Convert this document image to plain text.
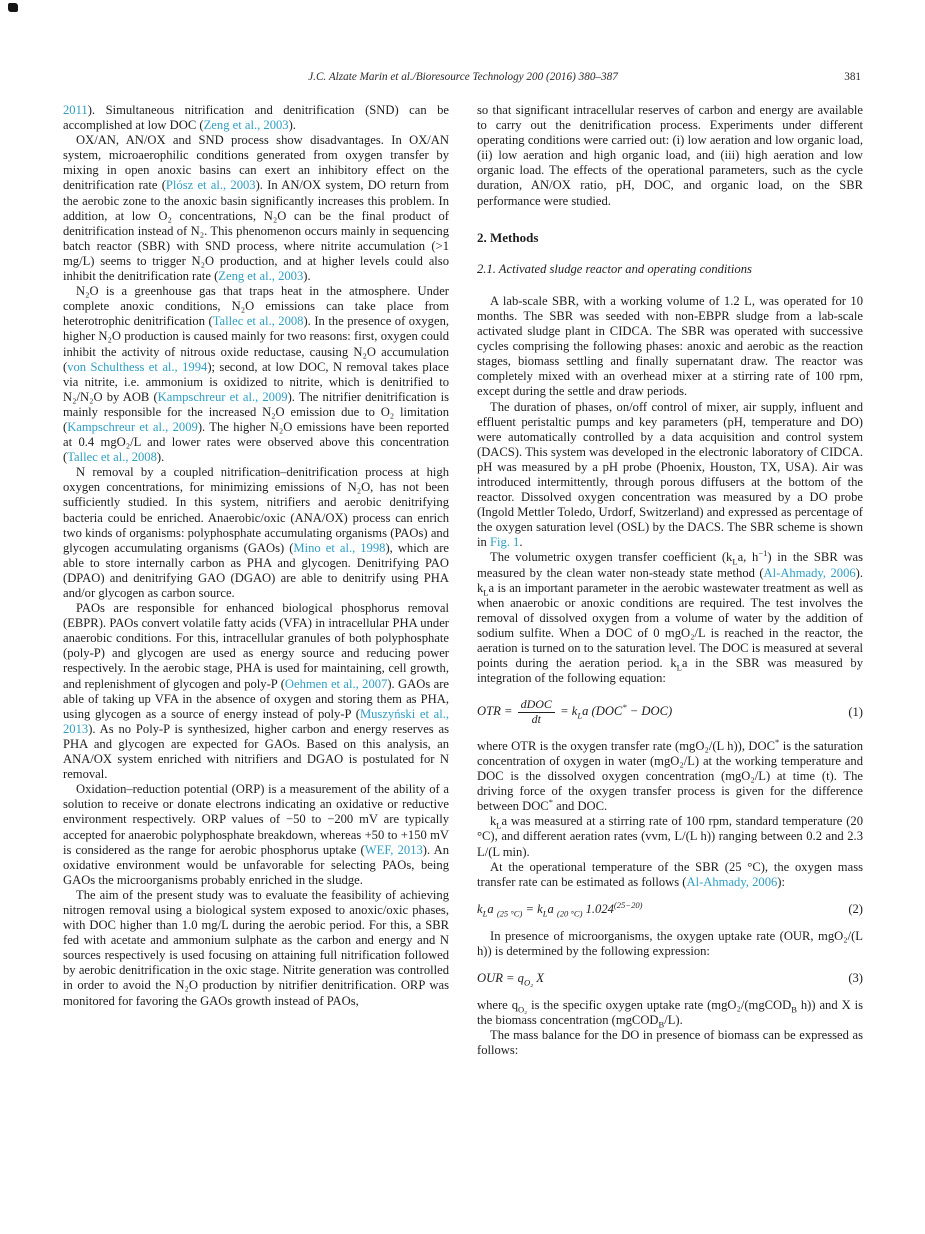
J.C. Alzate Marin et al./Bioresource Technology 200 (2016) 380–387	381

2011). Simultaneous nitrification and denitrification (SND) can be accomplished at low DOC (Zeng et al., 2003).

OX/AN, AN/OX and SND process show disadvantages. In OX/AN system, microaerophilic conditions generated from oxygen transfer by mixing in open anoxic basins can exert an inhibitory effect on the denitrification rate (Plósz et al., 2003). In AN/OX system, DO return from the aerobic zone to the anoxic basin significantly increases this problem. In addition, at low O₂ concentrations, N₂O can be the final product of denitrification instead of N₂. This phenomenon occurs mainly in sequencing batch reactor (SBR) with SND process, where nitrite accumulation (>1 mg/L) seems to trigger N₂O production, and at higher levels could also inhibit the denitrification rate (Zeng et al., 2003).

N₂O is a greenhouse gas that traps heat in the atmosphere. Under complete anoxic conditions, N₂O emissions can take place from heterotrophic denitrification (Tallec et al., 2008). In the presence of oxygen, higher N₂O production is caused mainly for two reasons: first, oxygen could inhibit the activity of nitrous oxide reductase, causing N₂O accumulation (von Schulthess et al., 1994); second, at low DOC, N removal takes place via nitrite, i.e. ammonium is oxidized to nitrite, which is denitrified to N₂/N₂O by AOB (Kampschreur et al., 2009). The nitrifier denitrification is mainly responsible for the increased N₂O emission due to O₂ limitation (Kampschreur et al., 2009). The higher N₂O emissions have been reported at 0.4 mgO₂/L and lower rates were observed above this concentration (Tallec et al., 2008).

N removal by a coupled nitrification–denitrification process at high oxygen concentrations, for minimizing emissions of N₂O, has not been sufficiently studied. In this system, nitrifiers and aerobic denitrifying bacteria could be enriched. Anaerobic/oxic (ANA/OX) process can enrich two kinds of organisms: polyphosphate accumulating organisms (PAOs) and glycogen accumulating organisms (GAOs) (Mino et al., 1998), which are able to store internally carbon as PHA and glycogen. Denitrifying PAO (DPAO) and denitrifying GAO (DGAO) are able to denitrify using PHA and/or glycogen as carbon source.

PAOs are responsible for enhanced biological phosphorus removal (EBPR). PAOs convert volatile fatty acids (VFA) in intracellular PHA under anaerobic conditions. For this, intracellular granules of both polyphosphate (poly-P) and glycogen are used as energy source and reducing power respectively. In the aerobic stage, PHA is used for maintaining, cell growth, and replenishment of glycogen and poly-P (Oehmen et al., 2007). GAOs are able of taking up VFA in the absence of oxygen and storing them as PHA, using glycogen as a source of energy instead of poly-P (Muszyński et al., 2013). As no Poly-P is synthesized, higher carbon and energy reserves as PHA and glycogen are expected for GAOs. Based on this analysis, an ANA/OX system enriched with nitrifiers and DGAO is postulated for N removal.

Oxidation–reduction potential (ORP) is a measurement of the ability of a solution to receive or donate electrons indicating an oxidative or reductive environment respectively. ORP values of −50 to −200 mV are typically accepted for anaerobic polyphosphate breakdown, whereas +50 to +150 mV is considered as the range for aerobic phosphorus uptake (WEF, 2013). An oxidative environment would be unfavorable for selecting PAOs, being GAOs the microorganisms probably enriched in the sludge.

The aim of the present study was to evaluate the feasibility of achieving nitrogen removal using a biological system exposed to anoxic/oxic phases, with DOC higher than 1.0 mg/L during the aerobic period. For this, a SBR fed with acetate and ammonium sulphate as the carbon and energy and N sources respectively is used focusing on attaining full nitrification followed by aerobic denitrification in the oxic stage. Nitrite generation was controlled in order to avoid the N₂O production by nitrifier denitrification. ORP was monitored for favoring the GAOs growth instead of PAOs,

so that significant intracellular reserves of carbon and energy are available to carry out the denitrification process. Experiments under different operating conditions were carried out: (i) low aeration and low organic load, (ii) low aeration and high organic load, and (iii) high aeration and low organic load. The effects of the operational parameters, such as the cycle duration, AN/OX ratio, pH, DOC, and organic load, on the SBR performance were studied.

2. Methods
2.1. Activated sludge reactor and operating conditions

A lab-scale SBR, with a working volume of 1.2 L, was operated for 10 months. The SBR was seeded with non-EBPR sludge from a lab-scale activated sludge plant in CIDCA. The SBR was operated with successive cycles comprising the following phases: anoxic and aerobic as the reaction stages, biomass settling and finally supernatant draw. The reactor was completely mixed with an overhead mixer at a stirring rate of 100 rpm, except during the settle and draw periods.

The duration of phases, on/off control of mixer, air supply, influent and effluent peristaltic pumps and key parameters (pH, temperature and DO) were automatically controlled by a data acquisition and control system (DACS). This system was developed in the electronic laboratory of CIDCA. pH was measured by a pH probe (Phoenix, Houston, TX, USA). Air was introduced intermittently, through porous diffusers at the bottom of the reactor. Dissolved oxygen concentration was measured by a DO probe (Ingold Mettler Toledo, Urdorf, Switzerland) and expressed as percentage of the oxygen saturation level (OSL) by the DACS. The SBR scheme is shown in Fig. 1.

The volumetric oxygen transfer coefficient ($k_La$, $h^{-1}$) in the SBR was measured by the clean water non-steady state method (Al-Ahmady, 2006). $k_La$ is an important parameter in the aerobic wastewater treatment as well as when anaerobic or anoxic conditions are required. The test involves the removal of dissolved oxygen from a volume of water by the addition of sodium sulfite. When a DOC of 0 mgO₂/L is reached in the reactor, the aeration is turned on to the saturation level. The DOC is measured at several points during the aeration period. $k_La$ in the SBR was measured by integration of the following equation:

OTR = $\frac{\text{dDOC}}{dt} = k_La$ (DOC* − DOC)	(1)

where OTR is the oxygen transfer rate (mgO₂/(L h)), DOC* is the saturation concentration of oxygen in water (mgO₂/L) at the working temperature and DOC is the dissolved oxygen concentration (mgO₂/L) at time (t). The driving force of the oxygen transfer process is given for the difference between DOC* and DOC.

$k_La$ was measured at a stirring rate of 100 rpm, standard temperature (20 °C), and different aeration rates (vvm, L/(L h)) ranging between 0.2 and 2.3 L/(L min).

At the operational temperature of the SBR (25 °C), the oxygen mass transfer rate can be estimated as follows (Al-Ahmady, 2006):

$k_La$ $_{(25 ^\circ C)} = k_La$ $_{(20 ^\circ C)}$ $1.024^{(25-20)}$	(2)

In presence of microorganisms, the oxygen uptake rate (OUR, mgO₂/(L h)) is determined by the following expression:

OUR = $q_{O_2}$ X	(3)

where $q_{O_2}$ is the specific oxygen uptake rate (mgO₂/(mgCOD$_B$ h)) and X is the biomass concentration (mgCOD$_B$/L).

The mass balance for the DO in presence of biomass can be expressed as follows:
